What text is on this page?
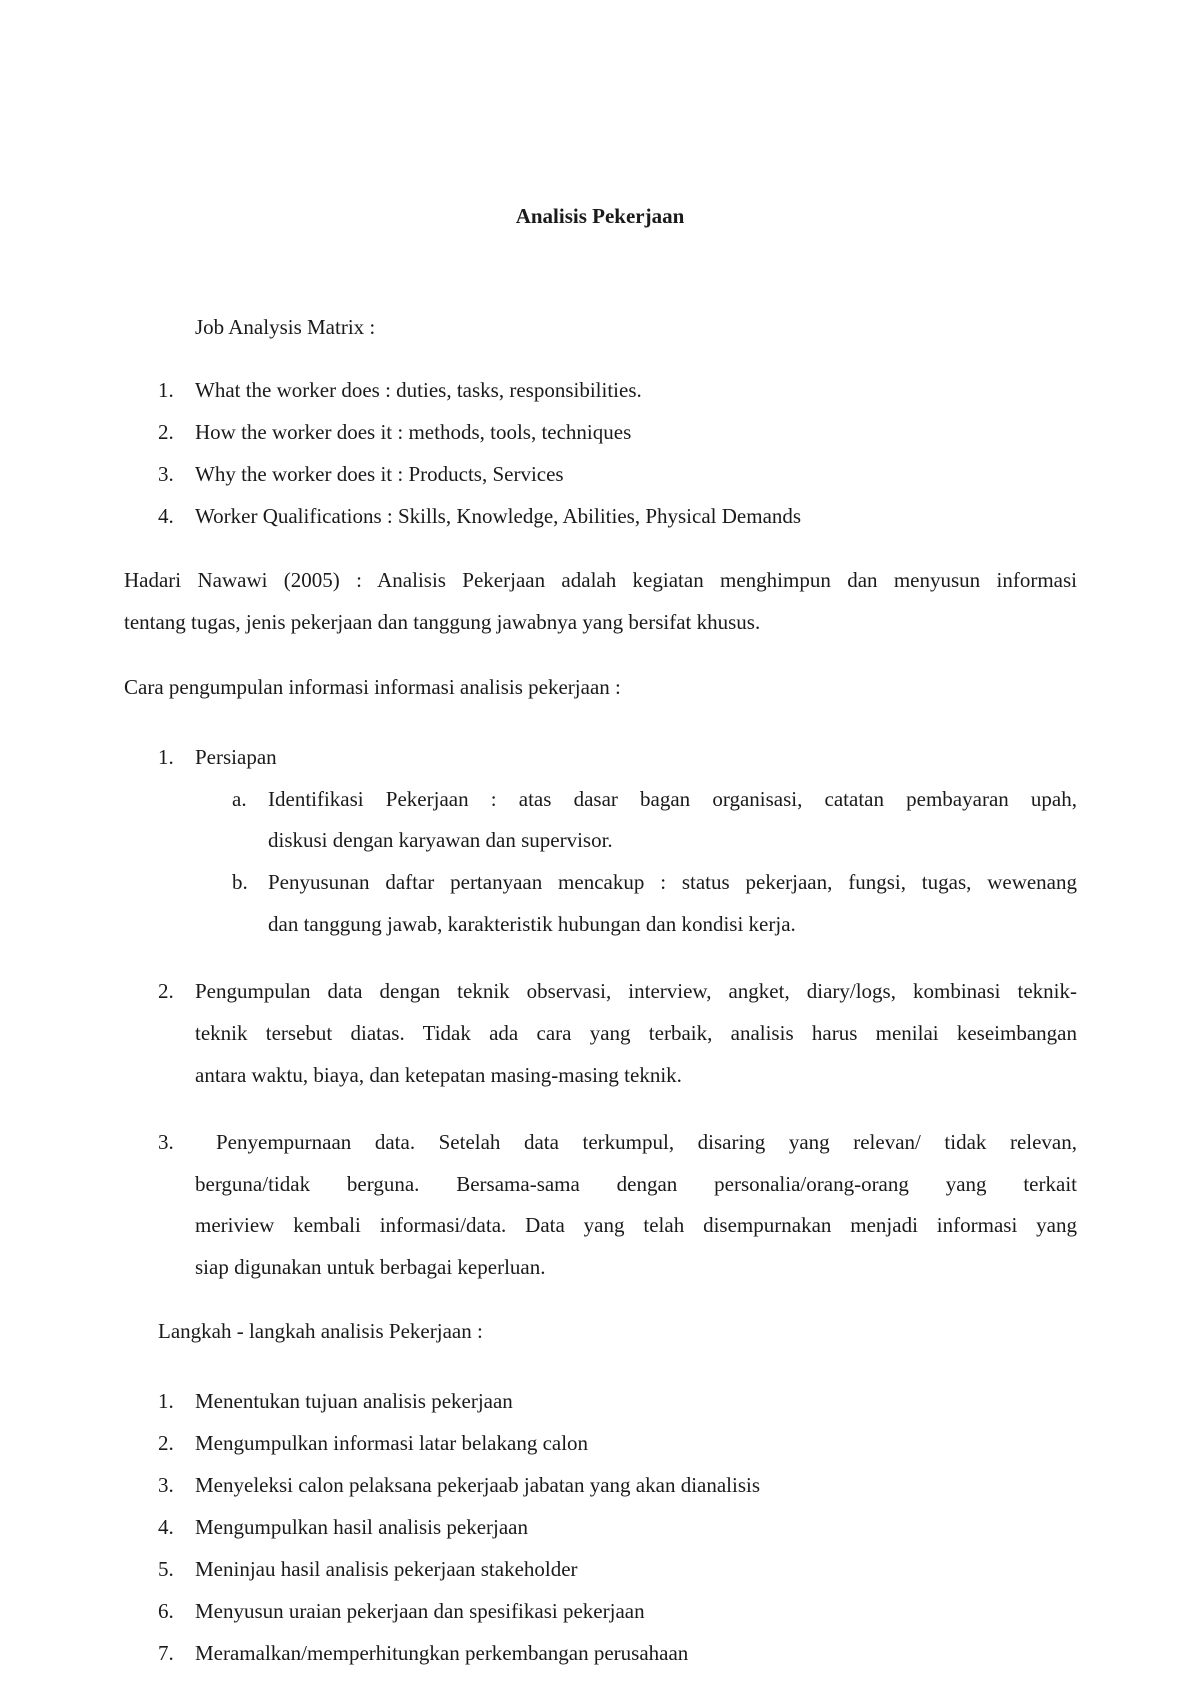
Analisis Pekerjaan
Job Analysis Matrix :
1. What the worker does : duties, tasks, responsibilities.
2. How the worker does it : methods, tools, techniques
3. Why the worker does it : Products, Services
4. Worker Qualifications : Skills, Knowledge, Abilities, Physical Demands
Hadari Nawawi (2005) : Analisis Pekerjaan adalah kegiatan menghimpun dan menyusun informasi
tentang tugas, jenis pekerjaan dan tanggung jawabnya yang bersifat khusus.
Cara pengumpulan informasi informasi analisis pekerjaan :
1. Persiapan
a. Identifikasi Pekerjaan : atas dasar bagan organisasi, catatan pembayaran upah,
diskusi dengan karyawan dan supervisor.
b. Penyusunan daftar pertanyaan mencakup : status pekerjaan, fungsi, tugas, wewenang
dan tanggung jawab, karakteristik hubungan dan kondisi kerja.
2. Pengumpulan data dengan teknik observasi, interview, angket, diary/logs, kombinasi teknik-
teknik tersebut diatas. Tidak ada cara yang terbaik, analisis harus menilai keseimbangan
antara waktu, biaya, dan ketepatan masing-masing teknik.
3. Penyempurnaan data. Setelah data terkumpul, disaring yang relevan/ tidak relevan,
berguna/tidak berguna. Bersama-sama dengan personalia/orang-orang yang terkait
meriview kembali informasi/data. Data yang telah disempurnakan menjadi informasi yang
siap digunakan untuk berbagai keperluan.
Langkah - langkah analisis Pekerjaan :
1. Menentukan tujuan analisis pekerjaan
2. Mengumpulkan informasi latar belakang calon
3. Menyeleksi calon pelaksana pekerjaab jabatan yang akan dianalisis
4. Mengumpulkan hasil analisis pekerjaan
5. Meninjau hasil analisis pekerjaan stakeholder
6. Menyusun uraian pekerjaan dan spesifikasi pekerjaan
7. Meramalkan/memperhitungkan perkembangan perusahaan
